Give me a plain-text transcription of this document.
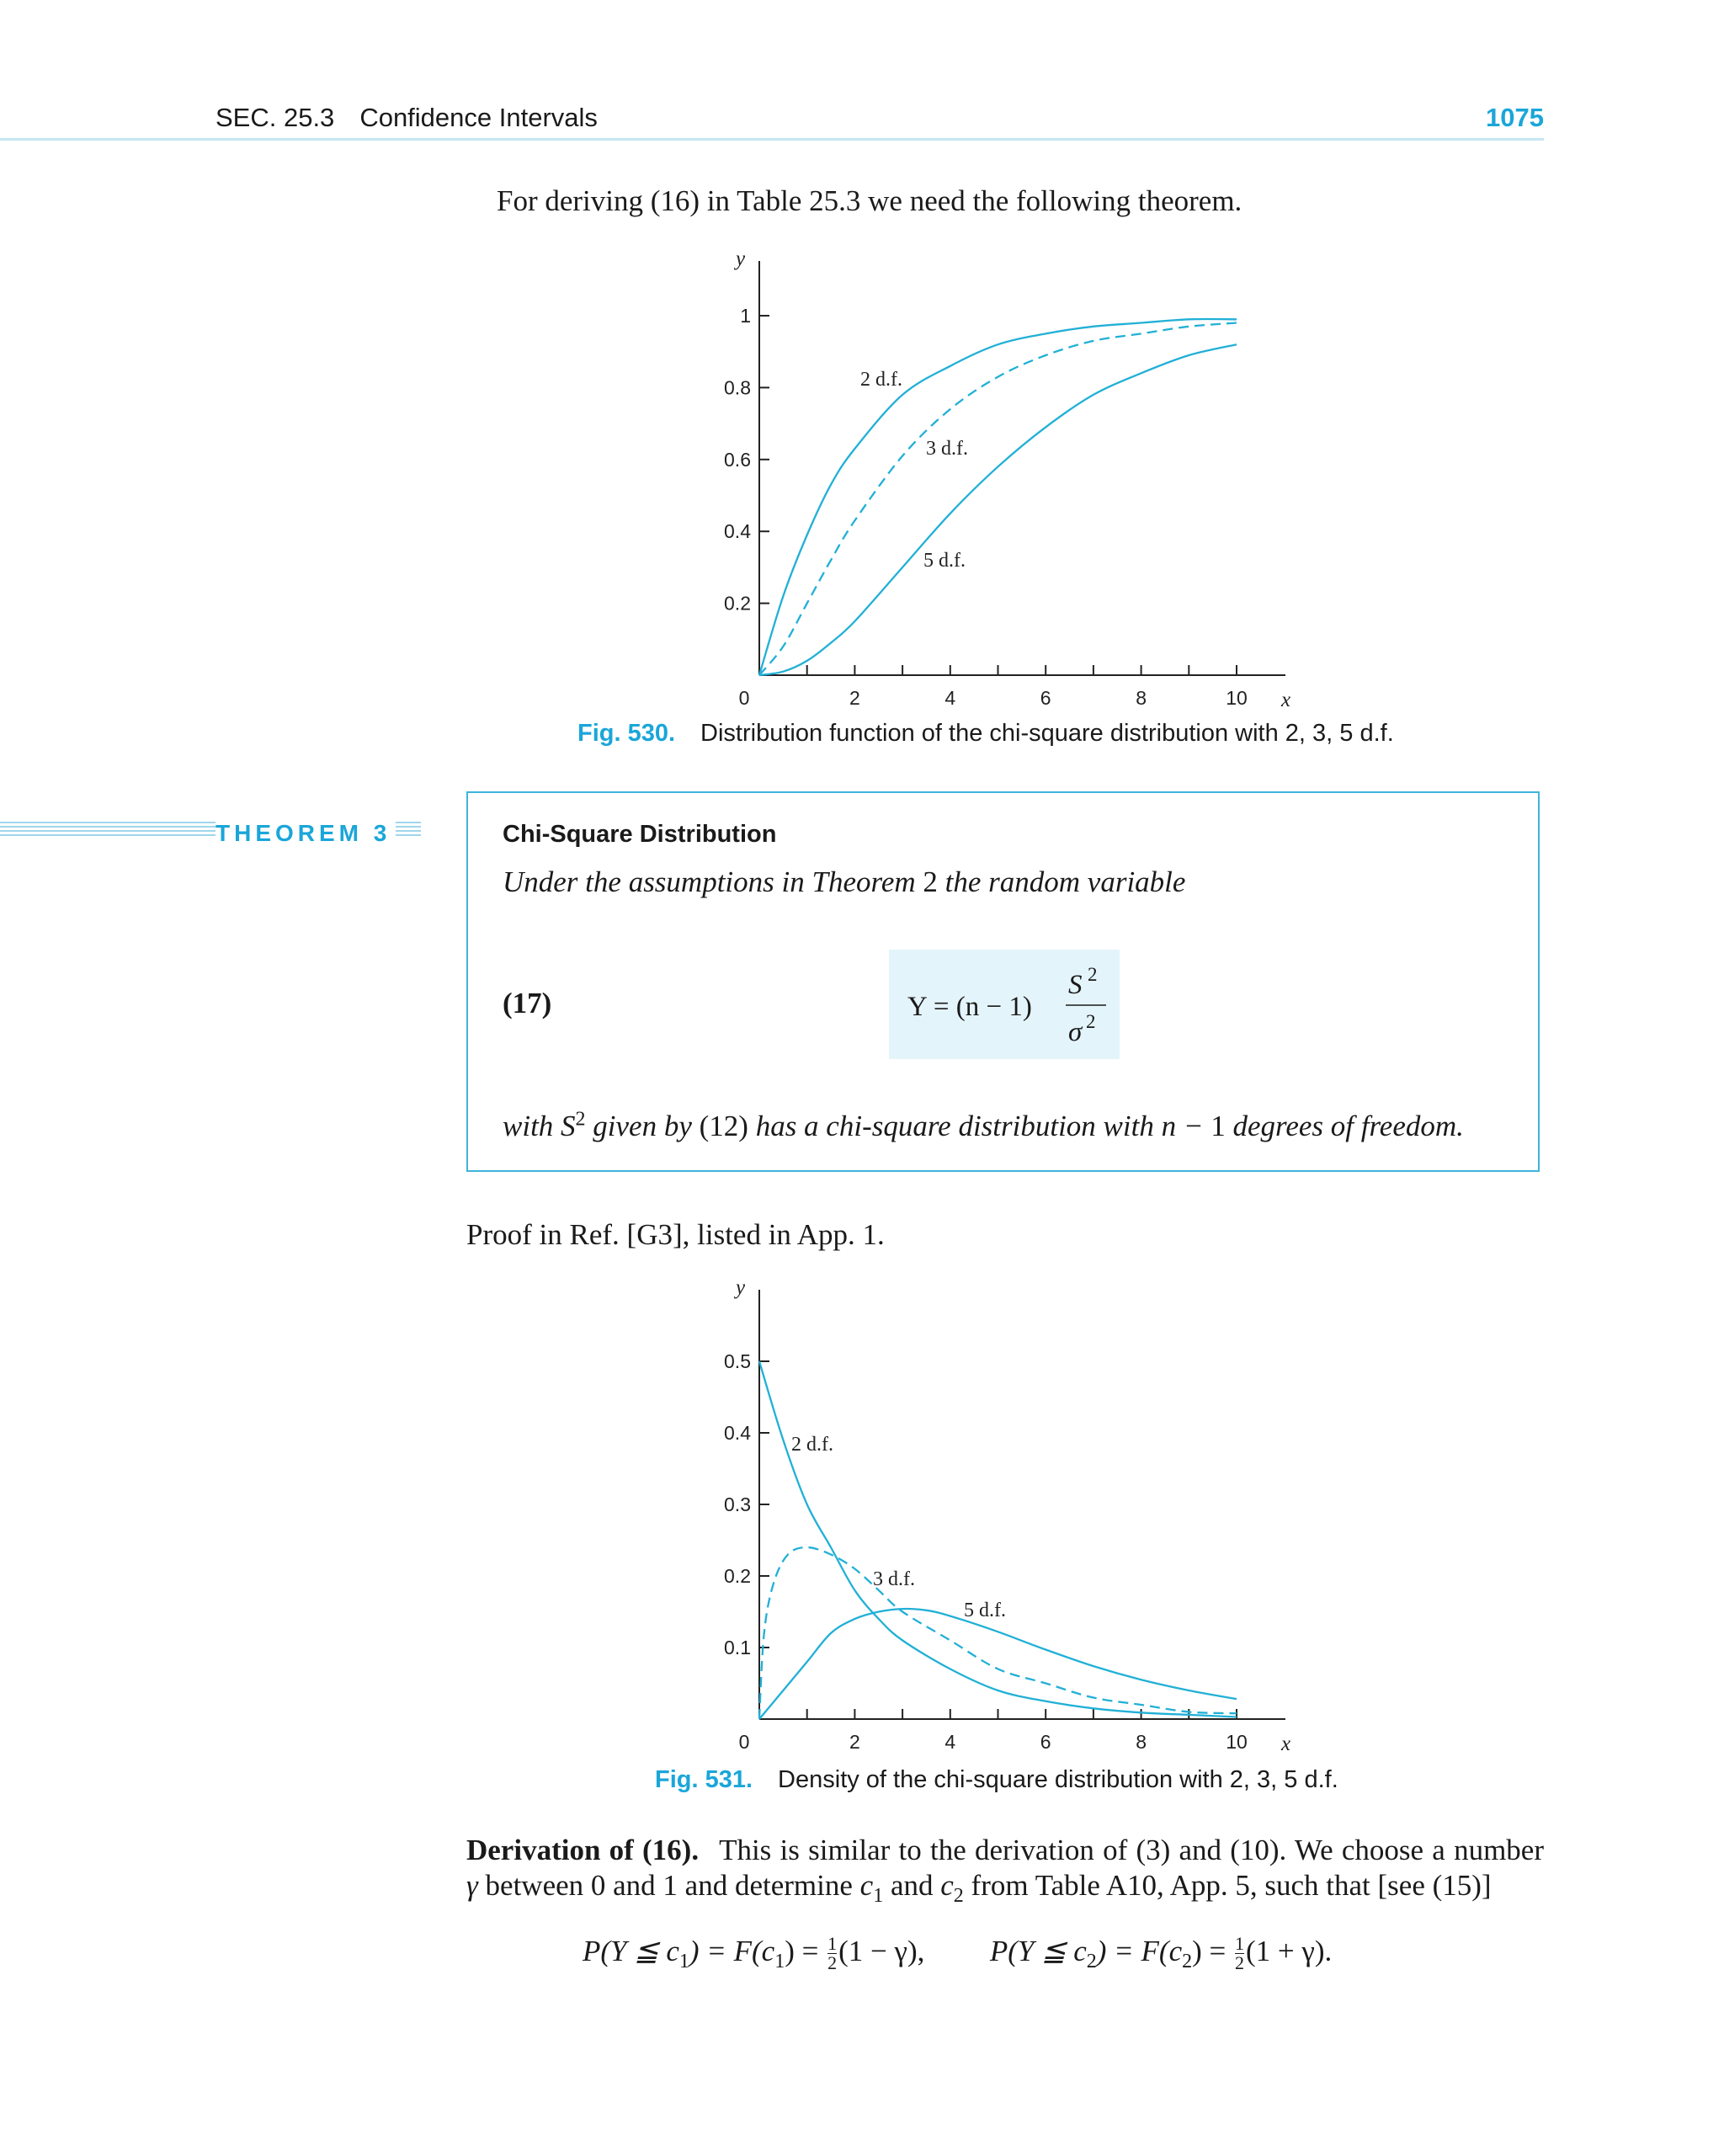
SEC. 25.3 Confidence Intervals	1075
For deriving (16) in Table 25.3 we need the following theorem.
0	2	4	6	8	10
0.2
0.4
0.6
0.8
1
x
y
2 d.f.
3 d.f.
5 d.f.
Fig. 530. Distribution function of the chi-square distribution with 2, 3, 5 d.f.
THEOREM 3	Chi-Square Distribution
Under the assumptions in Theorem 2 the random variable
(17)	Y = (n − 1)
S 2
σ 2
with $S^2$ given by (12) has a chi-square distribution with n − 1 degrees of freedom.
Proof in Ref. [G3], listed in App. 1.
0	2	4	6	8	10
0.1
0.2
0.3
0.4
0.5
x
y
2 d.f.
3 d.f.
5 d.f.
Fig. 531. Density of the chi-square distribution with 2, 3, 5 d.f.
Derivation of (16). This is similar to the derivation of (3) and (10). We choose a number γ between 0 and 1 and determine $c_1$ and $c_2$ from Table A10, App. 5, such that [see (15)]
P(Y ≦ $c_1) = F(c_1) = \frac{1}{2} (1 - \gamma)$, P(Y ≦ $c_2) = F(c_2) = \frac{1}{2} (1 + \gamma)$.
